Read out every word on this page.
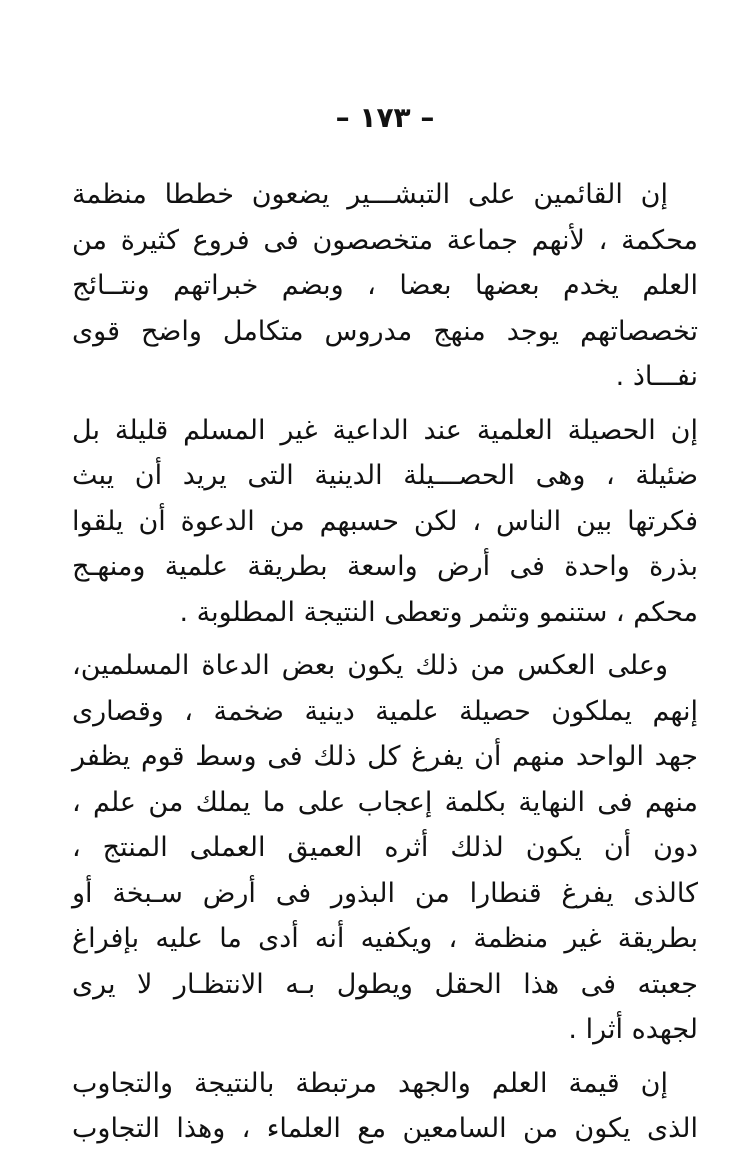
– ١٧٣ –
إن القائمين على التبشـــير يضعون خططا منظمة
محكمة ، لأنهم جماعة متخصصون فى فروع كثيرة من
العلم يخدم بعضها بعضا ، وبضم خبراتهم ونتــائج
تخصصاتهم يوجد منهج مدروس متكامل واضح قوى
نفـــاذ .
إن الحصيلة العلمية عند الداعية غير المسلم قليلة بل
ضئيلة ، وهى الحصـــيلة الدينية التى يريد أن يبث
فكرتها بين الناس ، لكن حسبهم من الدعوة أن يلقوا
بذرة واحدة فى أرض واسعة بطريقة علمية ومنهـج
محكم ، ستنمو وتثمر وتعطى النتيجة المطلوبة .
وعلى العكس من ذلك يكون بعض الدعاة المسلمين،
إنهم يملكون حصيلة علمية دينية ضخمة ، وقصارى
جهد الواحد منهم أن يفرغ كل ذلك فى وسط قوم يظفر
منهم فى النهاية بكلمة إعجاب على ما يملك من علم ،
دون أن يكون لذلك أثره العميق العملى المنتج ،
كالذى يفرغ قنطارا من البذور فى أرض سـبخة أو
بطريقة غير منظمة ، ويكفيه أنه أدى ما عليه بإفراغ
جعبته فى هذا الحقل ويطول بـه الانتظـار لا يرى
لجهده أثرا .
إن قيمة العلم والجهد مرتبطة بالنتيجة والتجاوب
الذى يكون من السامعين مع العلماء ، وهذا التجاوب
